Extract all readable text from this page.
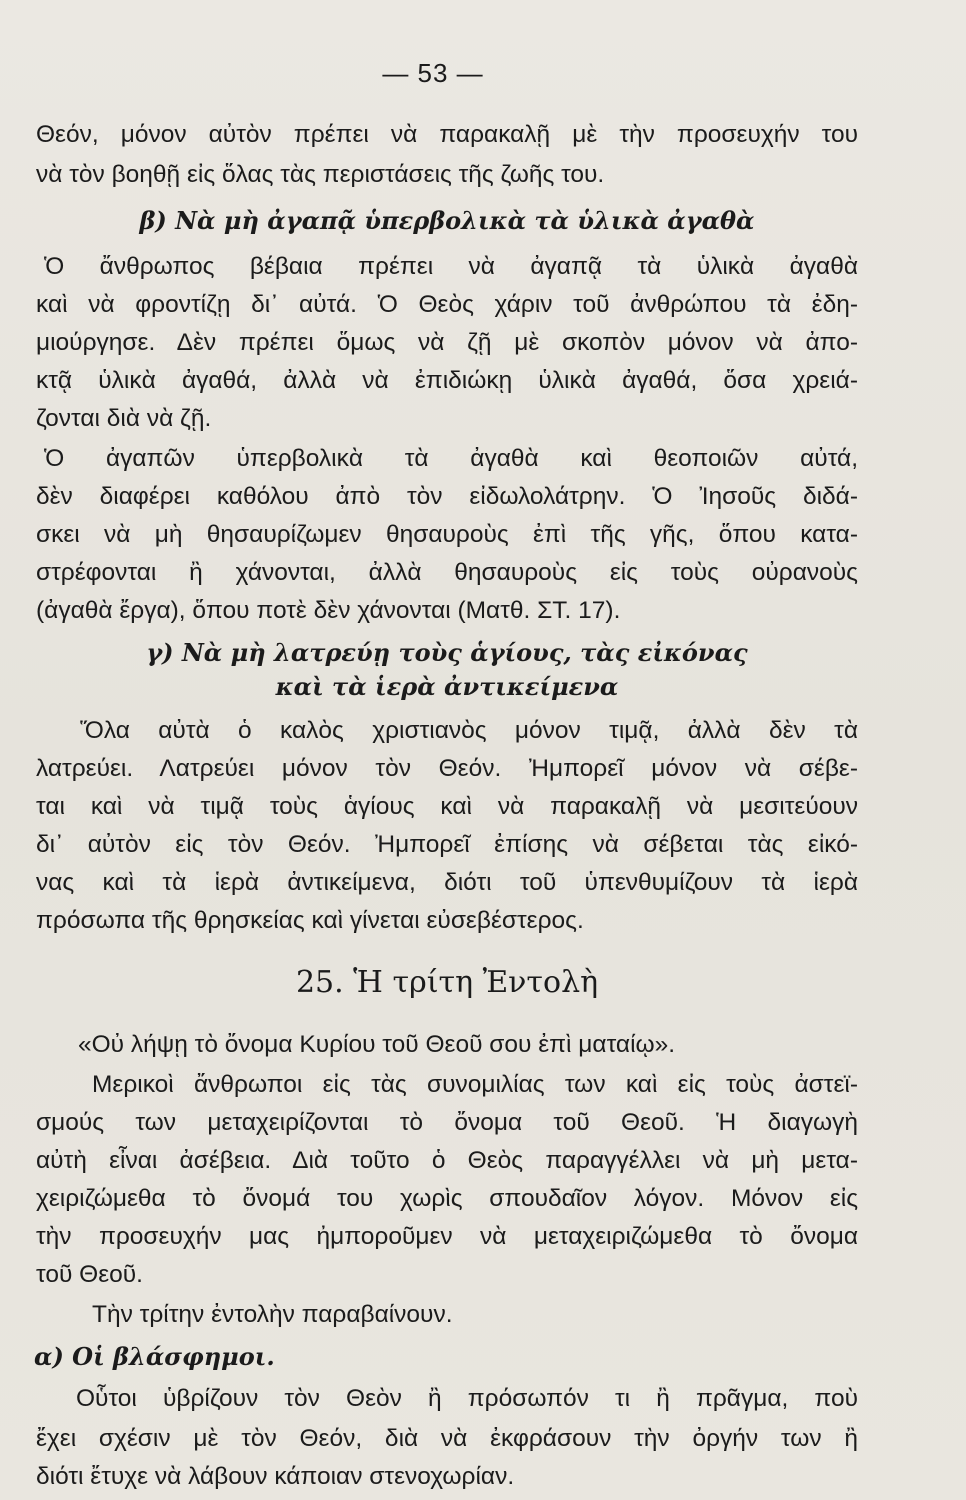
— 53 —
Θεόν, μόνον αὐτὸν πρέπει νὰ παρακαλῇ μὲ τὴν προσευχήν του
νὰ τὸν βοηθῇ εἰς ὅλας τὰς περιστάσεις τῆς ζωῆς του.
β) Νὰ μὴ ἀγαπᾷ ὑπερβολικὰ τὰ ὑλικὰ ἀγαθὰ
Ὁ ἄνθρωπος βέβαια πρέπει νὰ ἀγαπᾷ τὰ ὑλικὰ ἀγαθὰ
καὶ νὰ φροντίζῃ δι᾿ αὐτά. Ὁ Θεὸς χάριν τοῦ ἀνθρώπου τὰ ἐδη-
μιούργησε. Δὲν πρέπει ὅμως νὰ ζῇ μὲ σκοπὸν μόνον νὰ ἀπο-
κτᾷ ὑλικὰ ἀγαθά, ἀλλὰ νὰ ἐπιδιώκῃ ὑλικὰ ἀγαθά, ὅσα χρειά-
ζονται διὰ νὰ ζῇ.
Ὁ ἀγαπῶν ὑπερβολικὰ τὰ ἀγαθὰ καὶ θεοποιῶν αὐτά,
δὲν διαφέρει καθόλου ἀπὸ τὸν εἰδωλολάτρην. Ὁ Ἰησοῦς διδά-
σκει νὰ μὴ θησαυρίζωμεν θησαυροὺς ἐπὶ τῆς γῆς, ὅπου κατα-
στρέφονται ἢ χάνονται, ἀλλὰ θησαυροὺς εἰς τοὺς οὐρανοὺς
(ἀγαθὰ ἔργα), ὅπου ποτὲ δὲν χάνονται (Ματθ. ΣΤ. 17).
γ) Νὰ μὴ λατρεύῃ τοὺς ἁγίους, τὰς εἰκόνας
καὶ τὰ ἱερὰ ἀντικείμενα
Ὅλα αὐτὰ ὁ καλὸς χριστιανὸς μόνον τιμᾷ, ἀλλὰ δὲν τὰ
λατρεύει. Λατρεύει μόνον τὸν Θεόν. Ἠμπορεῖ μόνον νὰ σέβε-
ται καὶ νὰ τιμᾷ τοὺς ἁγίους καὶ νὰ παρακαλῇ νὰ μεσιτεύουν
δι᾿ αὐτὸν εἰς τὸν Θεόν. Ἠμπορεῖ ἐπίσης νὰ σέβεται τὰς εἰκό-
νας καὶ τὰ ἱερὰ ἀντικείμενα, διότι τοῦ ὑπενθυμίζουν τὰ ἱερὰ
πρόσωπα τῆς θρησκείας καὶ γίνεται εὐσεβέστερος.
25. Ἡ τρίτη Ἐντολὴ
«Οὐ λήψῃ τὸ ὄνομα Κυρίου τοῦ Θεοῦ σου ἐπὶ ματαίῳ».
Μερικοὶ ἄνθρωποι εἰς τὰς συνομιλίας των καὶ εἰς τοὺς ἀστεϊ-
σμούς των μεταχειρίζονται τὸ ὄνομα τοῦ Θεοῦ. Ἡ διαγωγὴ
αὐτὴ εἶναι ἀσέβεια. Διὰ τοῦτο ὁ Θεὸς παραγγέλλει νὰ μὴ μετα-
χειριζώμεθα τὸ ὄνομά του χωρὶς σπουδαῖον λόγον. Μόνον εἰς
τὴν προσευχήν μας ἠμποροῦμεν νὰ μεταχειριζώμεθα τὸ ὄνομα
τοῦ Θεοῦ.
Τὴν τρίτην ἐντολὴν παραβαίνουν.
α) Οἱ βλάσφημοι.
Οὗτοι ὑβρίζουν τὸν Θεὸν ἢ πρόσωπόν τι ἢ πρᾶγμα, ποὺ
ἔχει σχέσιν μὲ τὸν Θεόν, διὰ νὰ ἐκφράσουν τὴν ὀργήν των ἢ
διότι ἔτυχε νὰ λάβουν κάποιαν στενοχωρίαν.
